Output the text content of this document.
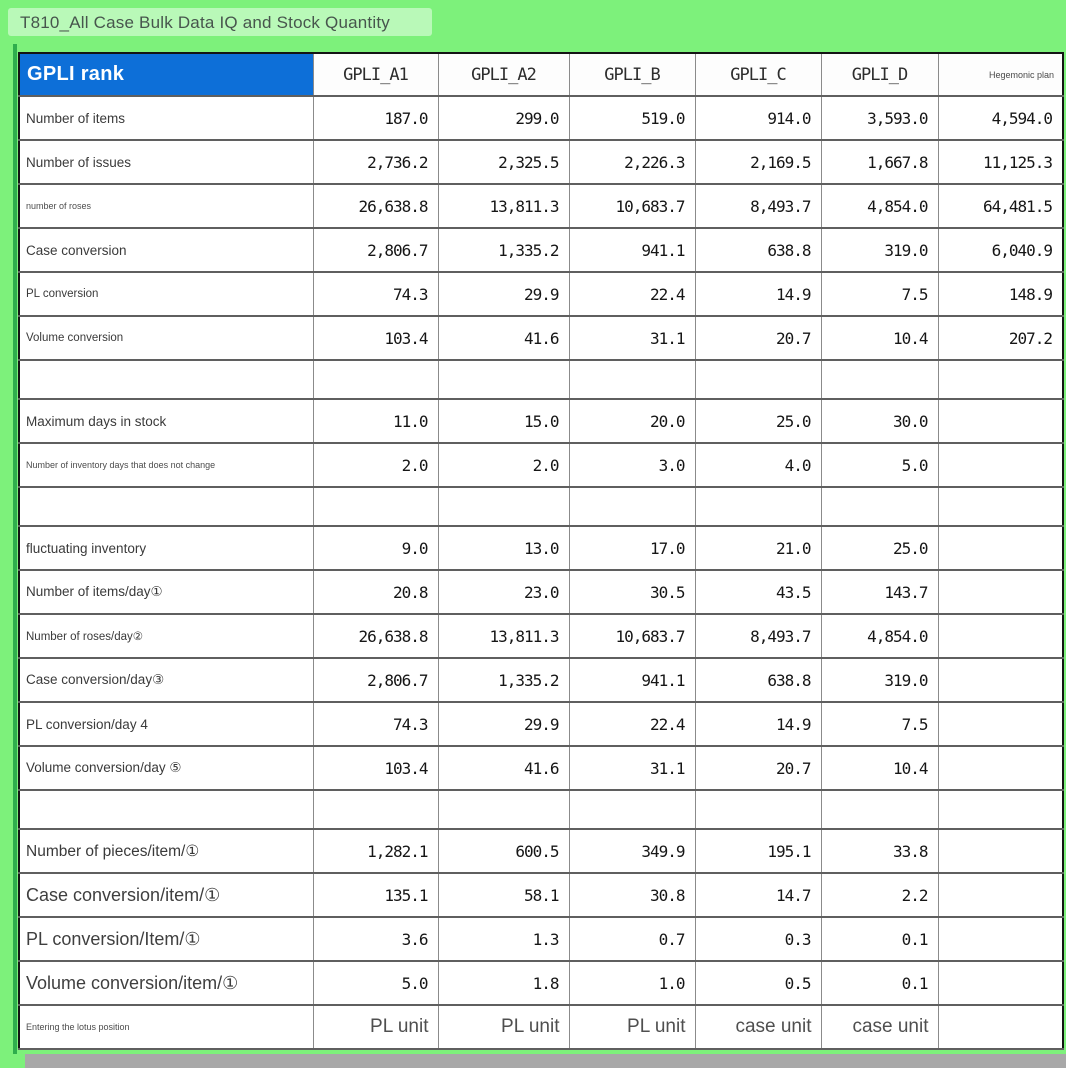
T810_All Case Bulk Data IQ and Stock Quantity
GPLI rank	GPLI_A1	GPLI_A2	GPLI_B	GPLI_C	GPLI_D	Hegemonic plan
Number of items	187.0	299.0	519.0	914.0	3,593.0	4,594.0
Number of issues	2,736.2	2,325.5	2,226.3	2,169.5	1,667.8	11,125.3
number of roses	26,638.8	13,811.3	10,683.7	8,493.7	4,854.0	64,481.5
Case conversion	2,806.7	1,335.2	941.1	638.8	319.0	6,040.9
PL conversion	74.3	29.9	22.4	14.9	7.5	148.9
Volume conversion	103.4	41.6	31.1	20.7	10.4	207.2

Maximum days in stock	11.0	15.0	20.0	25.0	30.0	
Number of inventory days that does not change	2.0	2.0	3.0	4.0	5.0	

fluctuating inventory	9.0	13.0	17.0	21.0	25.0	
Number of items/day①	20.8	23.0	30.5	43.5	143.7	
Number of roses/day②	26,638.8	13,811.3	10,683.7	8,493.7	4,854.0	
Case conversion/day③	2,806.7	1,335.2	941.1	638.8	319.0	
PL conversion/day 4	74.3	29.9	22.4	14.9	7.5	
Volume conversion/day ⑤	103.4	41.6	31.1	20.7	10.4	

Number of pieces/item/①	1,282.1	600.5	349.9	195.1	33.8	
Case conversion/item/①	135.1	58.1	30.8	14.7	2.2	
PL conversion/Item/①	3.6	1.3	0.7	0.3	0.1	
Volume conversion/item/①	5.0	1.8	1.0	0.5	0.1	
Entering the lotus position	PL unit	PL unit	PL unit	case unit	case unit	
